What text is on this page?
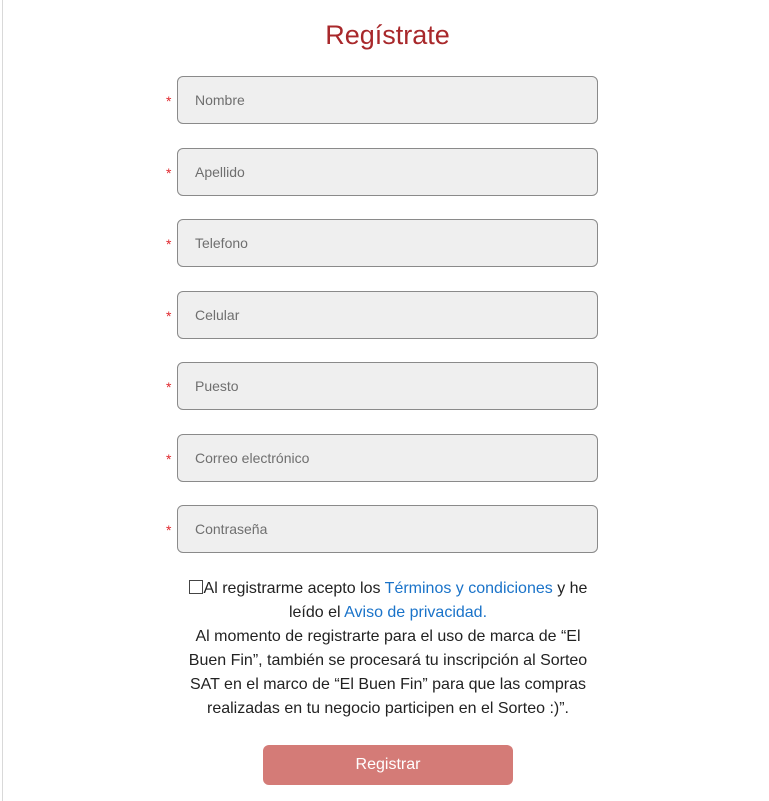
Regístrate
*
Nombre
*
Apellido
*
Telefono
*
Celular
*
Puesto
*
Correo electrónico
*
Al registrarme acepto los Términos y condiciones y he leído el Aviso de privacidad.
Al momento de registrarte para el uso de marca de “El Buen Fin”, también se procesará tu inscripción al Sorteo SAT en el marco de “El Buen Fin” para que las compras realizadas en tu negocio participen en el Sorteo :)”.
Registrar
